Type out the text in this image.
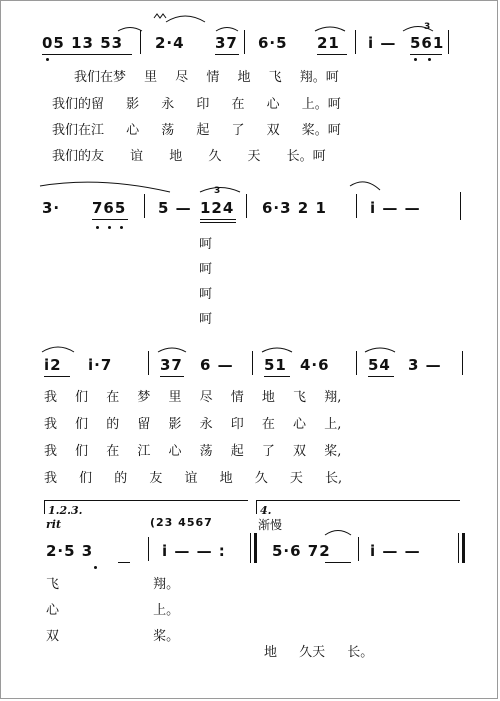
05 13 53 2·4 37 6·5 21 i — 561
3
我们在梦 里 尽 情 地 飞 翔。呵
我们的留 影 永 印 在 心 上。呵
我们在江 心 荡 起 了 双 桨。呵
我们的友 谊 地 久 天 长。呵
3· 765 5 — 124
3
6·3 2 1	i — —
呵
呵
呵
呵
i2 i·7	37 6 — 51 4·6	54 3 —
我 们 在 梦 里 尽 情 地 飞 翔,
我 们 的 留 影 永 印 在 心 上,
我 们 在 江 心 荡 起 了 双 桨,
我 们 的 友 谊 地 久 天 长,
1.2.3.	4.
rit	(23 4567	渐慢
2·5 3	i — — :	5·6 72	i — —
飞 翔。
心 上。
双 桨。
地 久天 长。
